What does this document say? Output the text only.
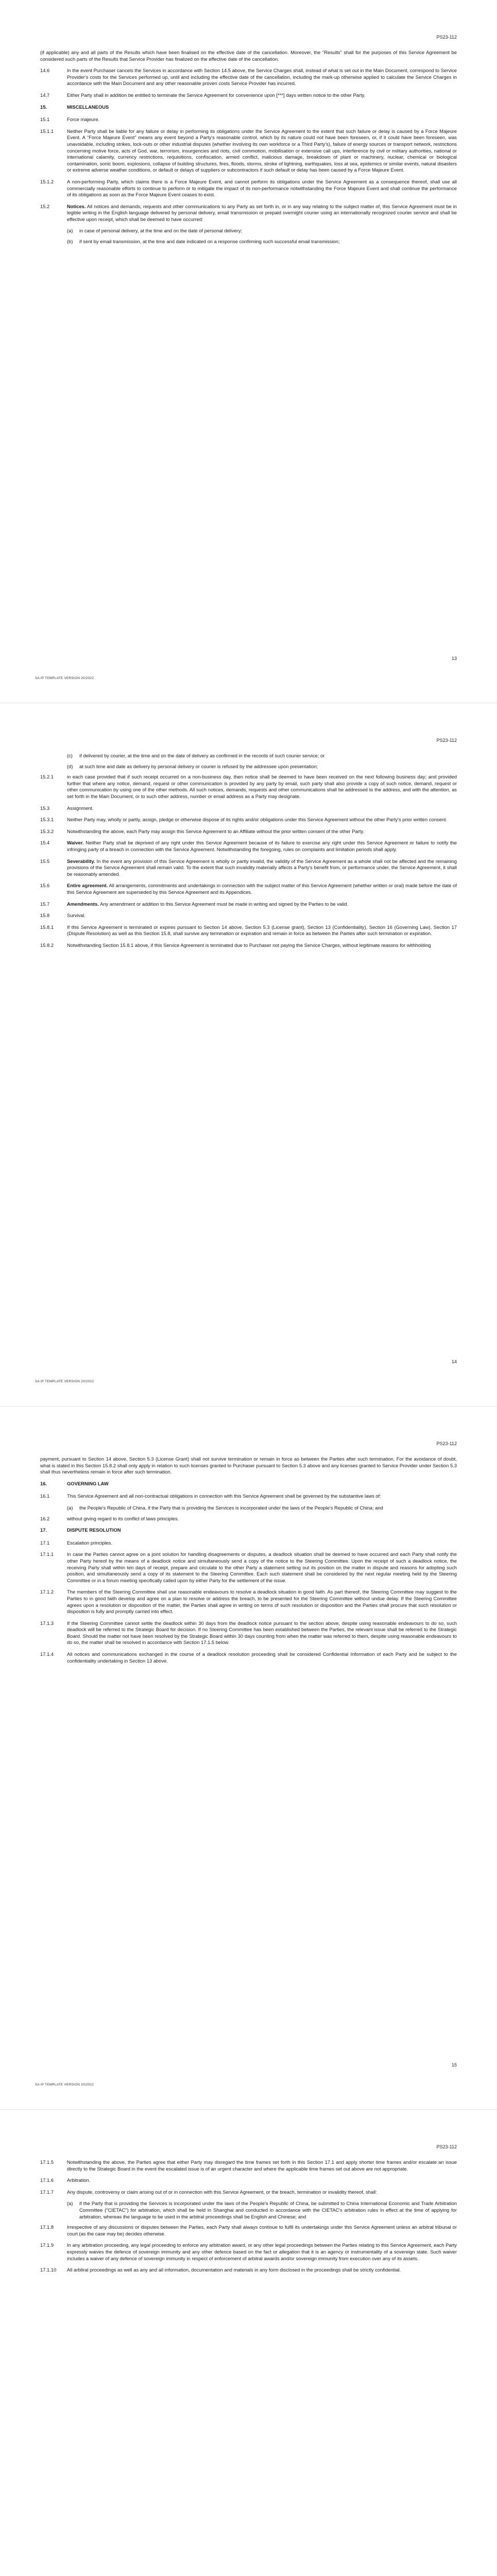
PS23-112
(if applicable) any and all parts of the Results which have been finalised on the effective date of the cancellation. Moreover, the "Results" shall for the purposes of this Service Agreement be considered such parts of the Results that Service Provider has finalized on the effective date of the cancellation.
14.6	In the event Purchaser cancels the Services in accordance with Section 14.5 above, the Service Charges shall, instead of what is set out in the Main Document, correspond to Service Provider's costs for the Services performed up, until and including the effective date of the cancellation, including the mark-up otherwise applied to calculate the Service Charges in accordance with the Main Document and any other reasonable proven costs Service Provider has incurred.
14.7	Either Party shall in addition be entitled to terminate the Service Agreement for convenience upon [***] days written notice to the other Party.
15.	MISCELLANEOUS
15.1	Force majeure.
15.1.1	Neither Party shall be liable for any failure or delay in performing its obligations under the Service Agreement to the extent that such failure or delay is caused by a Force Majeure Event. A "Force Majeure Event" means any event beyond a Party's reasonable control, which by its nature could not have been foreseen, or, if it could have been foreseen, was unavoidable, including strikes, lock-outs or other industrial disputes (whether involving its own workforce or a Third Party's), failure of energy sources or transport network, restrictions concerning motive force, acts of God, war, terrorism, insurgencies and riots, civil commotion, mobilisation or extensive call ups, interference by civil or military authorities, national or international calamity, currency restrictions, requisitions, confiscation, armed conflict, malicious damage, breakdown of plant or machinery, nuclear, chemical or biological contamination, sonic boom, explosions, collapse of building structures, fires, floods, storms, stroke of lightning, earthquakes, loss at sea, epidemics or similar events, natural disasters or extreme adverse weather conditions, or default or delays of suppliers or subcontractors if such default or delay has been caused by a Force Majeure Event.
15.1.2	A non-performing Party, which claims there is a Force Majeure Event, and cannot perform its obligations under the Service Agreement as a consequence thereof, shall use all commercially reasonable efforts to continue to perform or to mitigate the impact of its non-performance notwithstanding the Force Majeure Event and shall continue the performance of its obligations as soon as the Force Majeure Event ceases to exist.
15.2	Notices. All notices and demands, requests and other communications to any Party as set forth in, or in any way relating to the subject matter of, this Service Agreement must be in legible writing in the English language delivered by personal delivery, email transmission or prepaid overnight courier using an internationally recognized courier service and shall be effective upon receipt, which shall be deemed to have occurred:
(a)	in case of personal delivery, at the time and on the date of personal delivery;
(b)	if sent by email transmission, at the time and date indicated on a response confirming such successful email transmission;
13
SA IP TEMPLATE VERSION 20/2022
PS23-112
(c)	if delivered by courier, at the time and on the date of delivery as confirmed in the records of such courier service; or
(d)	at such time and date as delivery by personal delivery or courier is refused by the addressee upon presentation;
15.2.1	in each case provided that if such receipt occurred on a non-business day, then notice shall be deemed to have been received on the next following business day; and provided further that where any notice, demand, request or other communication is provided by any party by email, such party shall also provide a copy of such notice, demand, request or other communication by using one of the other methods. All such notices, demands, requests and other communications shall be addressed to the address, and with the attention, as set forth in the Main Document, or to such other address, number or email address as a Party may designate.
15.3	Assignment.
15.3.1	Neither Party may, wholly or partly, assign, pledge or otherwise dispose of its rights and/or obligations under this Service Agreement without the other Party's prior written consent.
15.3.2	Notwithstanding the above, each Party may assign this Service Agreement to an Affiliate without the prior written consent of the other Party.
15.4	Waiver. Neither Party shall be deprived of any right under this Service Agreement because of its failure to exercise any right under this Service Agreement or failure to notify the infringing party of a breach in connection with the Service Agreement. Notwithstanding the foregoing, rules on complaints and limitation periods shall apply.
15.5	Severability. In the event any provision of this Service Agreement is wholly or partly invalid, the validity of the Service Agreement as a whole shall not be affected and the remaining provisions of the Service Agreement shall remain valid. To the extent that such invalidity materially affects a Party's benefit from, or performance under, the Service Agreement, it shall be reasonably amended.
15.6	Entire agreement. All arrangements, commitments and undertakings in connection with the subject matter of this Service Agreement (whether written or oral) made before the date of this Service Agreement are superseded by this Service Agreement and its Appendices.
15.7	Amendments. Any amendment or addition to this Service Agreement must be made in writing and signed by the Parties to be valid.
15.8	Survival.
15.8.1	If this Service Agreement is terminated or expires pursuant to Section 14 above, Section 5.3 (License grant), Section 13 (Confidentiality), Section 16 (Governing Law), Section 17 (Dispute Resolution) as well as this Section 15.8, shall survive any termination or expiration and remain in force as between the Parties after such termination or expiration.
15.8.2	Notwithstanding Section 15.8.1 above, if this Service Agreement is terminated due to Purchaser not paying the Service Charges, without legitimate reasons for withholding
14
SA IP TEMPLATE VERSION 20/2022
PS23-112
payment, pursuant to Section 14 above, Section 5.3 (License Grant) shall not survive termination or remain in force as between the Parties after such termination. For the avoidance of doubt, what is stated in this Section 15.8.2 shall only apply in relation to such licenses granted to Purchaser pursuant to Section 5.3 above and any licenses granted to Service Provider under Section 5.3 shall thus nevertheless remain in force after such termination.
16.	GOVERNING LAW
16.1	This Service Agreement and all non-contractual obligations in connection with this Service Agreement shall be governed by the substantive laws of:
(a)	the People's Republic of China, if the Party that is providing the Services is incorporated under the laws of the People's Republic of China; and
16.2	without giving regard to its conflict of laws principles.
17.	DISPUTE RESOLUTION
17.1	Escalation principles.
17.1.1	In case the Parties cannot agree on a joint solution for handling disagreements or disputes, a deadlock situation shall be deemed to have occurred and each Party shall notify the other Party hereof by the means of a deadlock notice and simultaneously send a copy of the notice to the Steering Committee. Upon the receipt of such a deadlock notice, the receiving Party shall within ten days of receipt, prepare and circulate to the other Party a statement setting out its position on the matter in dispute and reasons for adopting such position, and simultaneously send a copy of its statement to the Steering Committee. Each such statement shall be considered by the next regular meeting held by the Steering Committee or in a forum meeting specifically called upon by either Party for the settlement of the issue.
17.1.2	The members of the Steering Committee shall use reasonable endeavours to resolve a deadlock situation in good faith. As part thereof, the Steering Committee may suggest to the Parties to in good faith develop and agree on a plan to resolve or address the breach, to be presented for the Steering Committee without undue delay. If the Steering Committee agrees upon a resolution or disposition of the matter, the Parties shall agree in writing on terms of such resolution or disposition and the Parties shall procure that such resolution or disposition is fully and promptly carried into effect.
17.1.3	If the Steering Committee cannot settle the deadlock within 30 days from the deadlock notice pursuant to the section above, despite using reasonable endeavours to do so, such deadlock will be referred to the Strategic Board for decision. If no Steering Committee has been established between the Parties, the relevant issue shall be referred to the Strategic Board. Should the matter not have been resolved by the Strategic Board within 30 days counting from when the matter was referred to them, despite using reasonable endeavours to do so, the matter shall be resolved in accordance with Section 17.1.5 below.
17.1.4	All notices and communications exchanged in the course of a deadlock resolution proceeding shall be considered Confidential Information of each Party and be subject to the confidentiality undertaking in Section 13 above.
15
SA IP TEMPLATE VERSION 20/2022
PS23-112
17.1.5	Notwithstanding the above, the Parties agree that either Party may disregard the time frames set forth in this Section 17.1 and apply shorter time frames and/or escalate an issue directly to the Strategic Board in the event the escalated issue is of an urgent character and where the applicable time frames set out above are not appropriate.
17.1.6	Arbitration.
17.1.7	Any dispute, controversy or claim arising out of or in connection with this Service Agreement, or the breach, termination or invalidity thereof, shall:
(a)	if the Party that is providing the Services is incorporated under the laws of the People's Republic of China, be submitted to China International Economic and Trade Arbitration Committee ("CIETAC") for arbitration, which shall be held in Shanghai and conducted in accordance with the CIETAC's arbitration rules in effect at the time of applying for arbitration, whereas the language to be used in the arbitral proceedings shall be English and Chinese; and
17.1.8	Irrespective of any discussions or disputes between the Parties, each Party shall always continue to fulfil its undertakings under this Service Agreement unless an arbitral tribunal or court (as the case may be) decides otherwise.
17.1.9	In any arbitration proceeding, any legal proceeding to enforce any arbitration award, or any other legal proceedings between the Parties relating to this Service Agreement, each Party expressly waives the defence of sovereign immunity and any other defence based on the fact or allegation that it is an agency or instrumentality of a sovereign state. Such waiver includes a waiver of any defence of sovereign immunity in respect of enforcement of arbitral awards and/or sovereign immunity from execution over any of its assets.
17.1.10	All arbitral proceedings as well as any and all information, documentation and materials in any form disclosed in the proceedings shall be strictly confidential.
